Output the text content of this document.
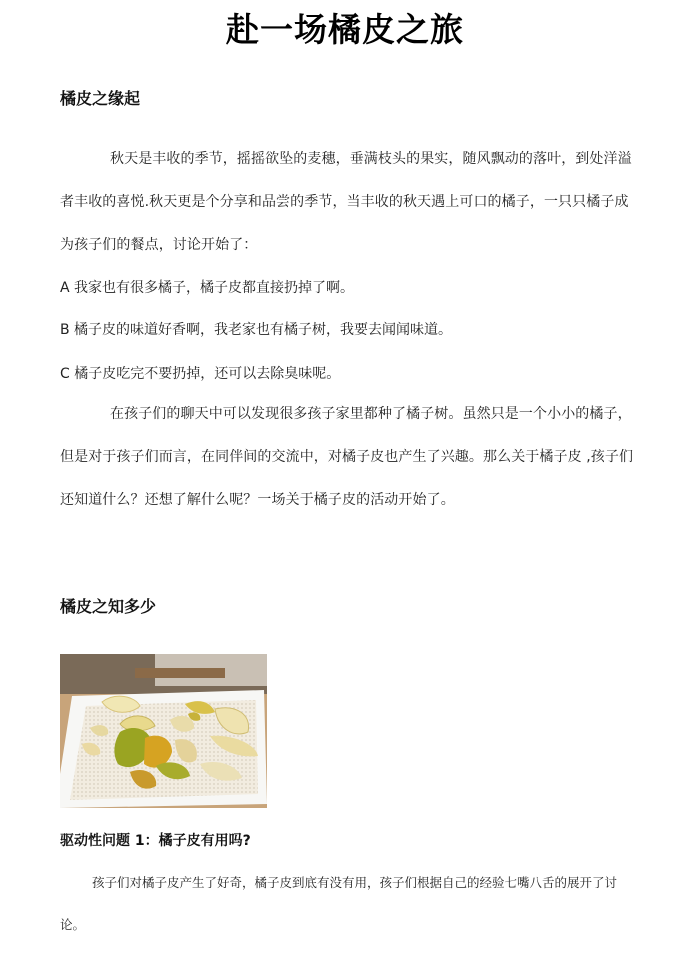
赴一场橘皮之旅
橘皮之缘起

秋天是丰收的季节，摇摇欲坠的麦穗，垂满枝头的果实，随风飘动的落叶，到处洋溢者丰收的喜悦.秋天更是个分享和品尝的季节，当丰收的秋天遇上可口的橘子，一只只橘子成为孩子们的餐点，讨论开始了：

A 我家也有很多橘子，橘子皮都直接扔掉了啊。

B 橘子皮的味道好香啊，我老家也有橘子树，我要去闻闻味道。

C 橘子皮吃完不要扔掉，还可以去除臭味呢。

在孩子们的聊天中可以发现很多孩子家里都种了橘子树。虽然只是一个小小的橘子，但是对于孩子们而言，在同伴间的交流中，对橘子皮也产生了兴趣。那么关于橘子皮 ,孩子们还知道什么？还想了解什么呢？一场关于橘子皮的活动开始了。

橘皮之知多少

驱动性问题 1：橘子皮有用吗?

孩子们对橘子皮产生了好奇，橘子皮到底有没有用，孩子们根据自己的经验七嘴八舌的展开了讨论。
